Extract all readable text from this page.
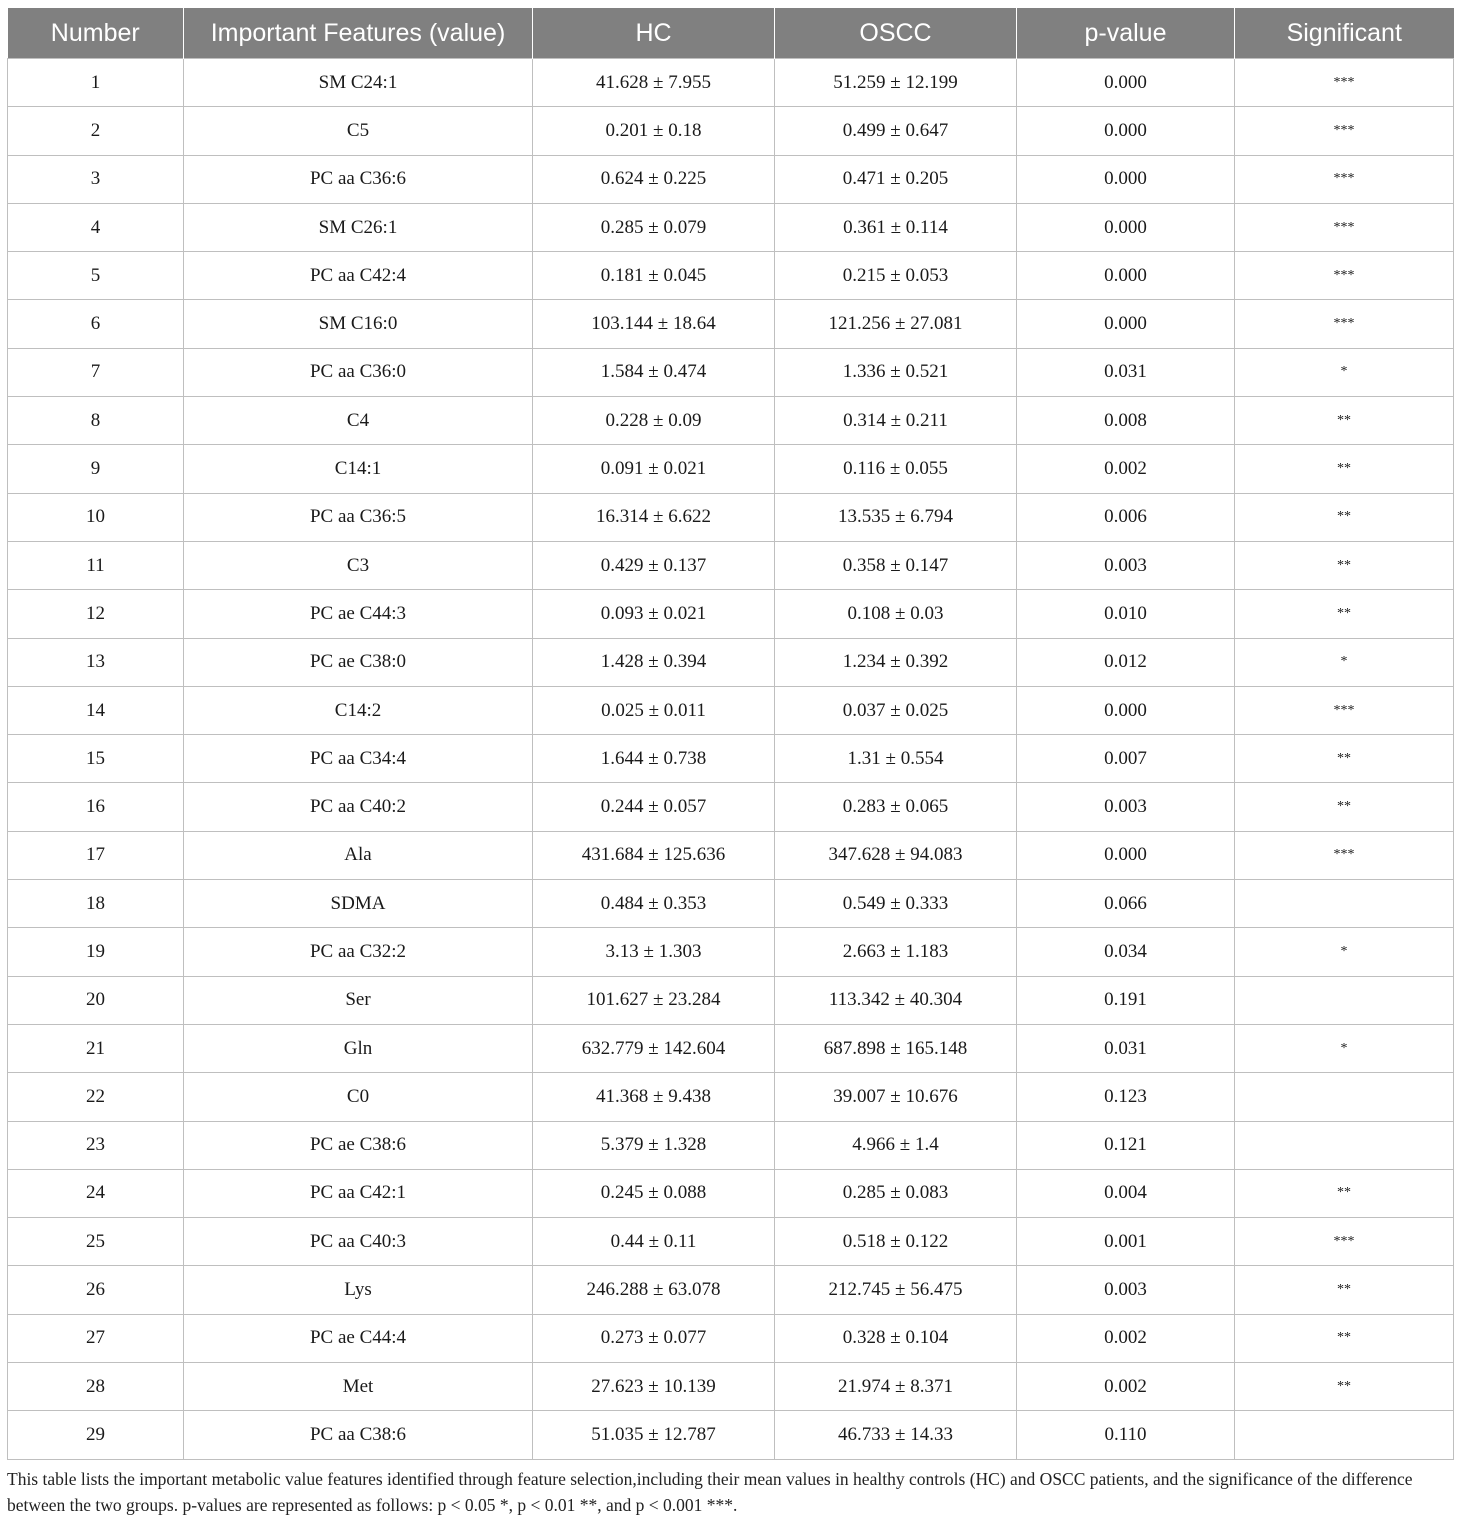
Number	Important Features (value)	HC	OSCC	p-value	Significant
1	SM C24:1	41.628 ± 7.955	51.259 ± 12.199	0.000	***
2	C5	0.201 ± 0.18	0.499 ± 0.647	0.000	***
3	PC aa C36:6	0.624 ± 0.225	0.471 ± 0.205	0.000	***
4	SM C26:1	0.285 ± 0.079	0.361 ± 0.114	0.000	***
5	PC aa C42:4	0.181 ± 0.045	0.215 ± 0.053	0.000	***
6	SM C16:0	103.144 ± 18.64	121.256 ± 27.081	0.000	***
7	PC aa C36:0	1.584 ± 0.474	1.336 ± 0.521	0.031	*
8	C4	0.228 ± 0.09	0.314 ± 0.211	0.008	**
9	C14:1	0.091 ± 0.021	0.116 ± 0.055	0.002	**
10	PC aa C36:5	16.314 ± 6.622	13.535 ± 6.794	0.006	**
11	C3	0.429 ± 0.137	0.358 ± 0.147	0.003	**
12	PC ae C44:3	0.093 ± 0.021	0.108 ± 0.03	0.010	**
13	PC ae C38:0	1.428 ± 0.394	1.234 ± 0.392	0.012	*
14	C14:2	0.025 ± 0.011	0.037 ± 0.025	0.000	***
15	PC aa C34:4	1.644 ± 0.738	1.31 ± 0.554	0.007	**
16	PC aa C40:2	0.244 ± 0.057	0.283 ± 0.065	0.003	**
17	Ala	431.684 ± 125.636	347.628 ± 94.083	0.000	***
18	SDMA	0.484 ± 0.353	0.549 ± 0.333	0.066	
19	PC aa C32:2	3.13 ± 1.303	2.663 ± 1.183	0.034	*
20	Ser	101.627 ± 23.284	113.342 ± 40.304	0.191	
21	Gln	632.779 ± 142.604	687.898 ± 165.148	0.031	*
22	C0	41.368 ± 9.438	39.007 ± 10.676	0.123	
23	PC ae C38:6	5.379 ± 1.328	4.966 ± 1.4	0.121	
24	PC aa C42:1	0.245 ± 0.088	0.285 ± 0.083	0.004	**
25	PC aa C40:3	0.44 ± 0.11	0.518 ± 0.122	0.001	***
26	Lys	246.288 ± 63.078	212.745 ± 56.475	0.003	**
27	PC ae C44:4	0.273 ± 0.077	0.328 ± 0.104	0.002	**
28	Met	27.623 ± 10.139	21.974 ± 8.371	0.002	**
29	PC aa C38:6	51.035 ± 12.787	46.733 ± 14.33	0.110	
This table lists the important metabolic value features identified through feature selection,including their mean values in healthy controls (HC) and OSCC patients, and the significance of the difference between the two groups. p-values are represented as follows: p < 0.05 *, p < 0.01 **, and p < 0.001 ***.
